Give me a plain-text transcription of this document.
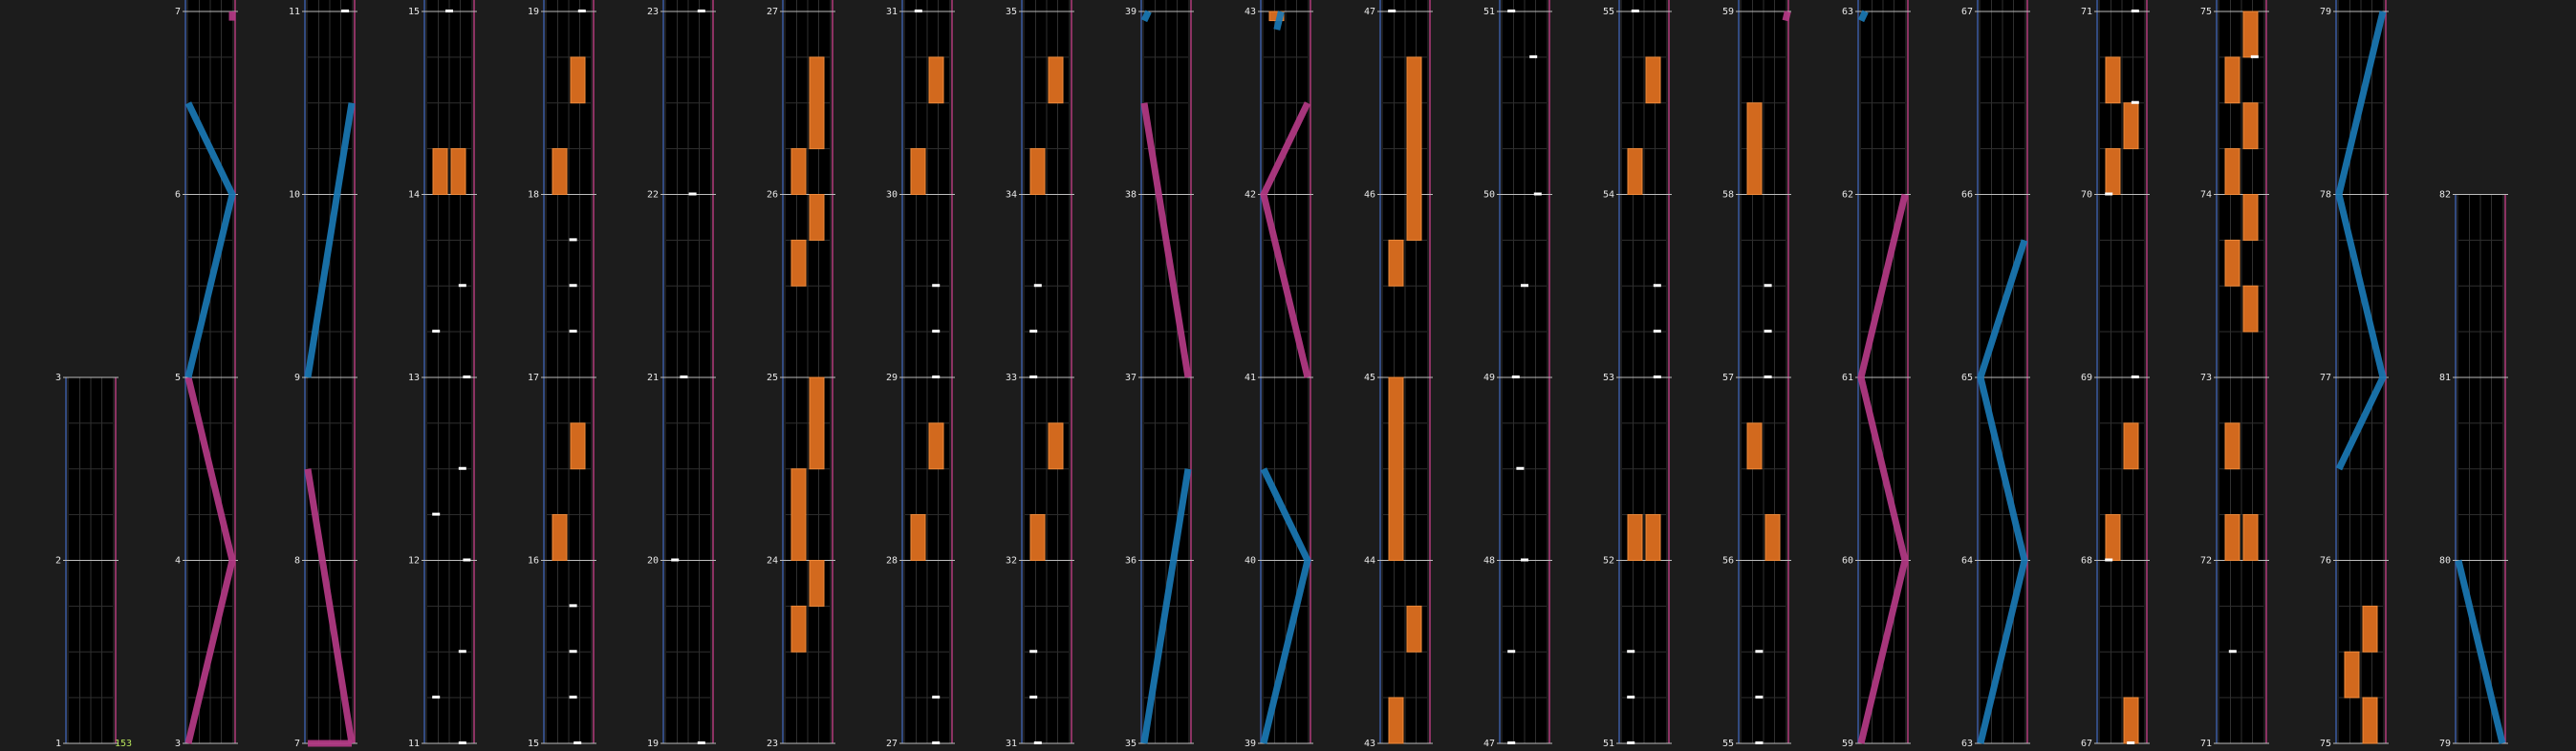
1
2
3
3
4
5
6
7
7
8
9
10
11
11
12
13
14
15
15
16
17
18
19
19
20
21
22
23
23
24
25
26
27
27
28
29
30
31
31
32
33
34
35
35
36
37
38
39
39
40
41
42
43
43
44
45
46
47
47
48
49
50
51
51
52
53
54
55
55
56
57
58
59
59
60
61
62
63
63
64
65
66
67
67
68
69
70
71
71
72
73
74
75
75
76
77
78
79
79
80
81
82
153
